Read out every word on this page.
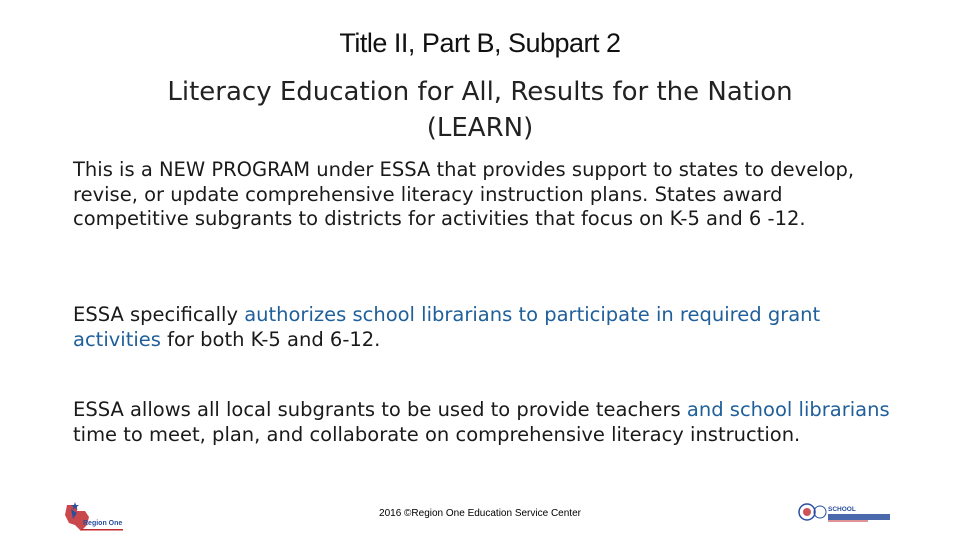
Title II, Part B, Subpart 2
Literacy Education for All, Results for the Nation
(LEARN)
This is a NEW PROGRAM under ESSA that provides support to states to develop, revise, or update comprehensive literacy instruction plans. States award competitive subgrants to districts for activities that focus on K-5 and 6 -12.
ESSA specifically authorizes school librarians to participate in required grant activities for both K-5 and 6-12.
ESSA allows all local subgrants to be used to provide teachers and school librarians time to meet, plan, and collaborate on comprehensive literacy instruction.
Region One
2016 ©Region One Education Service Center	SCHOOL
